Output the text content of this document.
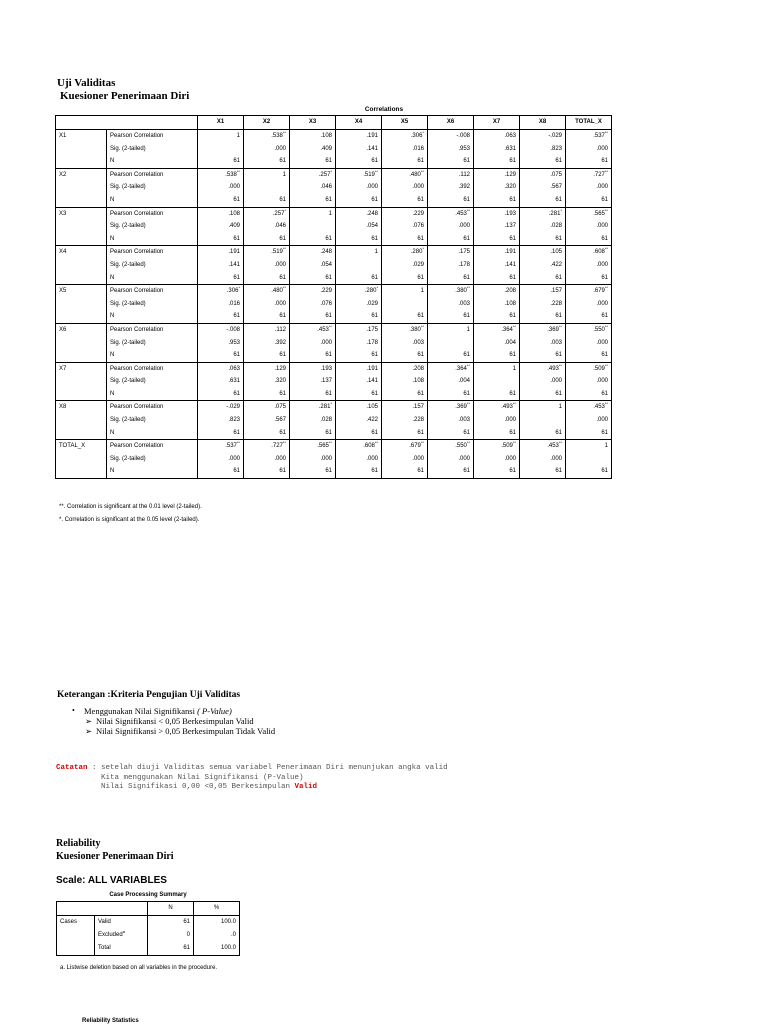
Uji Validitas
Kuesioner Penerimaan Diri
Correlations
		X1	X2	X3	X4	X5	X6	X7	X8	TOTAL_X
X1	Pearson Correlation	1	.538**	.108	.191	.306*	-.008	.063	-.029	.537**
	Sig. (2-tailed)		.000	.409	.141	.016	.953	.631	.823	.000
	N	61	61	61	61	61	61	61	61	61
X2	Pearson Correlation	.538**	1	.257*	.519**	.480**	.112	.129	.075	.727**
	Sig. (2-tailed)	.000		.046	.000	.000	.392	.320	.567	.000
	N	61	61	61	61	61	61	61	61	61
X3	Pearson Correlation	.108	.257*	1	.248	.229	.453**	.193	.281*	.565**
	Sig. (2-tailed)	.409	.046		.054	.076	.000	.137	.028	.000
	N	61	61	61	61	61	61	61	61	61
X4	Pearson Correlation	.191	.519**	.248	1	.280*	.175	.191	.105	.608**
	Sig. (2-tailed)	.141	.000	.054		.029	.178	.141	.422	.000
	N	61	61	61	61	61	61	61	61	61
X5	Pearson Correlation	.306*	.480**	.229	.280*	1	.380**	.208	.157	.679**
	Sig. (2-tailed)	.016	.000	.076	.029		.003	.108	.228	.000
	N	61	61	61	61	61	61	61	61	61
X6	Pearson Correlation	-.008	.112	.453**	.175	.380**	1	.364**	.369**	.550**
	Sig. (2-tailed)	.953	.392	.000	.178	.003		.004	.003	.000
	N	61	61	61	61	61	61	61	61	61
X7	Pearson Correlation	.063	.129	.193	.191	.208	.364**	1	.493**	.509**
	Sig. (2-tailed)	.631	.320	.137	.141	.108	.004		.000	.000
	N	61	61	61	61	61	61	61	61	61
X8	Pearson Correlation	-.029	.075	.281*	.105	.157	.369**	.493**	1	.453**
	Sig. (2-tailed)	.823	.567	.028	.422	.228	.003	.000		.000
	N	61	61	61	61	61	61	61	61	61
TOTAL_X	Pearson Correlation	.537**	.727**	.565**	.608**	.679**	.550**	.509**	.453**	1
	Sig. (2-tailed)	.000	.000	.000	.000	.000	.000	.000	.000	
	N	61	61	61	61	61	61	61	61	61
**. Correlation is significant at the 0.01 level (2-tailed).
*. Correlation is significant at the 0.05 level (2-tailed).
Keterangan :Kriteria Pengujian Uji Validitas
• Menggunakan Nilai Signifikansi ( P-Value)
➢ Nilai Signifikansi < 0,05 Berkesimpulan Valid
➢ Nilai Signifikansi > 0,05 Berkesimpulan Tidak Valid
Catatan : setelah diuji Validitas semua variabel Penerimaan Diri menunjukan angka valid
Kita menggunakan Nilai Signifikansi (P-Value)
Nilai Signifikasi 0,00 <0,05 Berkesimpulan Valid
Reliability
Kuesioner Penerimaan Diri
Scale: ALL VARIABLES
Case Processing Summary
		N	%
Cases	Valid	61	100.0
	Excluded$^a$	0	.0
	Total	61	100.0
a. Listwise deletion based on all variables in the procedure.
Reliability Statistics
